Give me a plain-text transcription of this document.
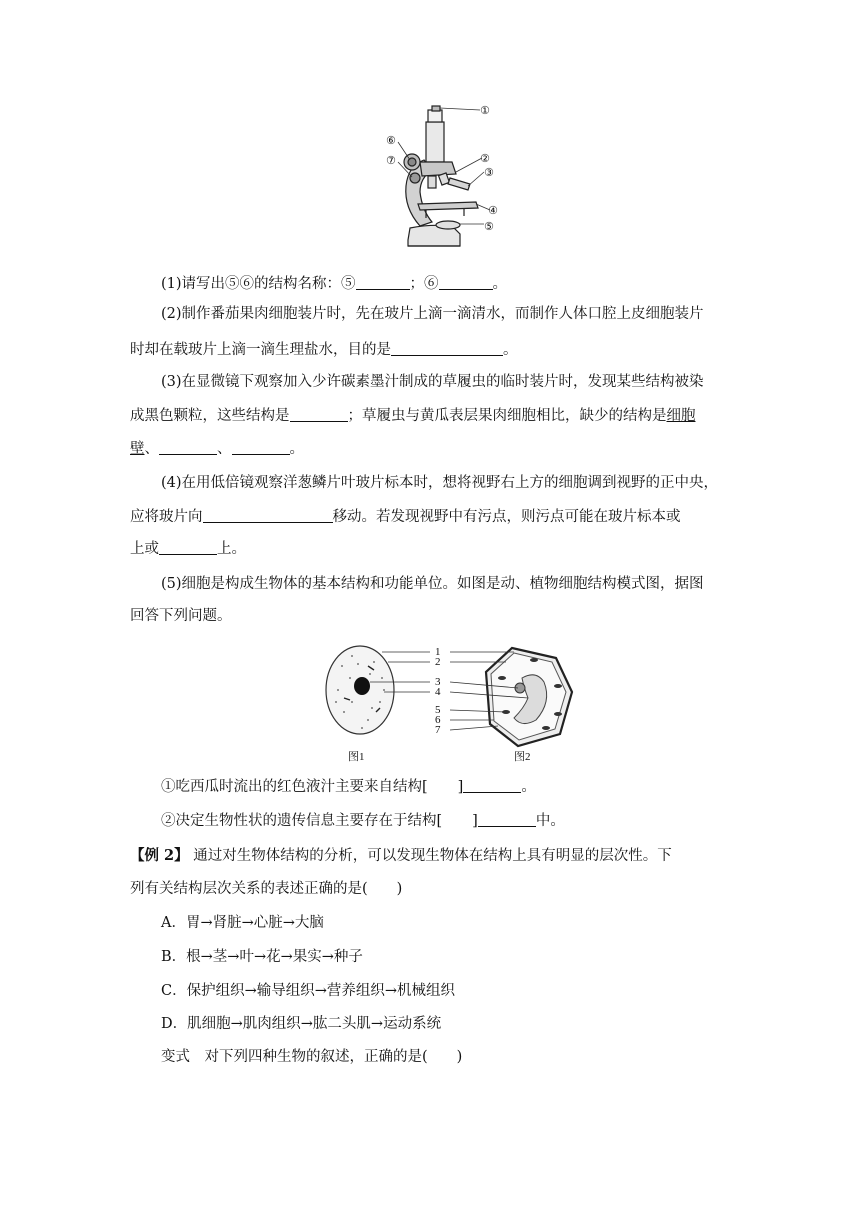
①
②
③
④
⑤
⑥
⑦
(1)请写出⑤⑥的结构名称：⑤	；⑥	。
(2)制作番茄果肉细胞装片时，先在玻片上滴一滴清水，而制作人体口腔上皮细胞装片
时却在载玻片上滴一滴生理盐水，目的是	。
(3)在显微镜下观察加入少许碳素墨汁制成的草履虫的临时装片时，发现某些结构被染
成黑色颗粒，这些结构是	；草履虫与黄瓜表层果肉细胞相比，缺少的结构是细胞
壁、	、	。
(4)在用低倍镜观察洋葱鳞片叶玻片标本时，想将视野右上方的细胞调到视野的正中央，
应将玻片向	移动。若发现视野中有污点，则污点可能在玻片标本或
上或	上。
(5)细胞是构成生物体的基本结构和功能单位。如图是动、植物细胞结构模式图，据图
回答下列问题。
1
2
3
4
5
6
7
图1	图2
①吃西瓜时流出的红色液汁主要来自结构[ ]	。
②决定生物性状的遗传信息主要存在于结构[ ]	中。
【例 2】 通过对生物体结构的分析，可以发现生物体在结构上具有明显的层次性。下
列有关结构层次关系的表述正确的是(　　)
A．胃→肾脏→心脏→大脑
B．根→茎→叶→花→果实→种子
C．保护组织→输导组织→营养组织→机械组织
D．肌细胞→肌肉组织→肱二头肌→运动系统
变式　对下列四种生物的叙述，正确的是(　　)
